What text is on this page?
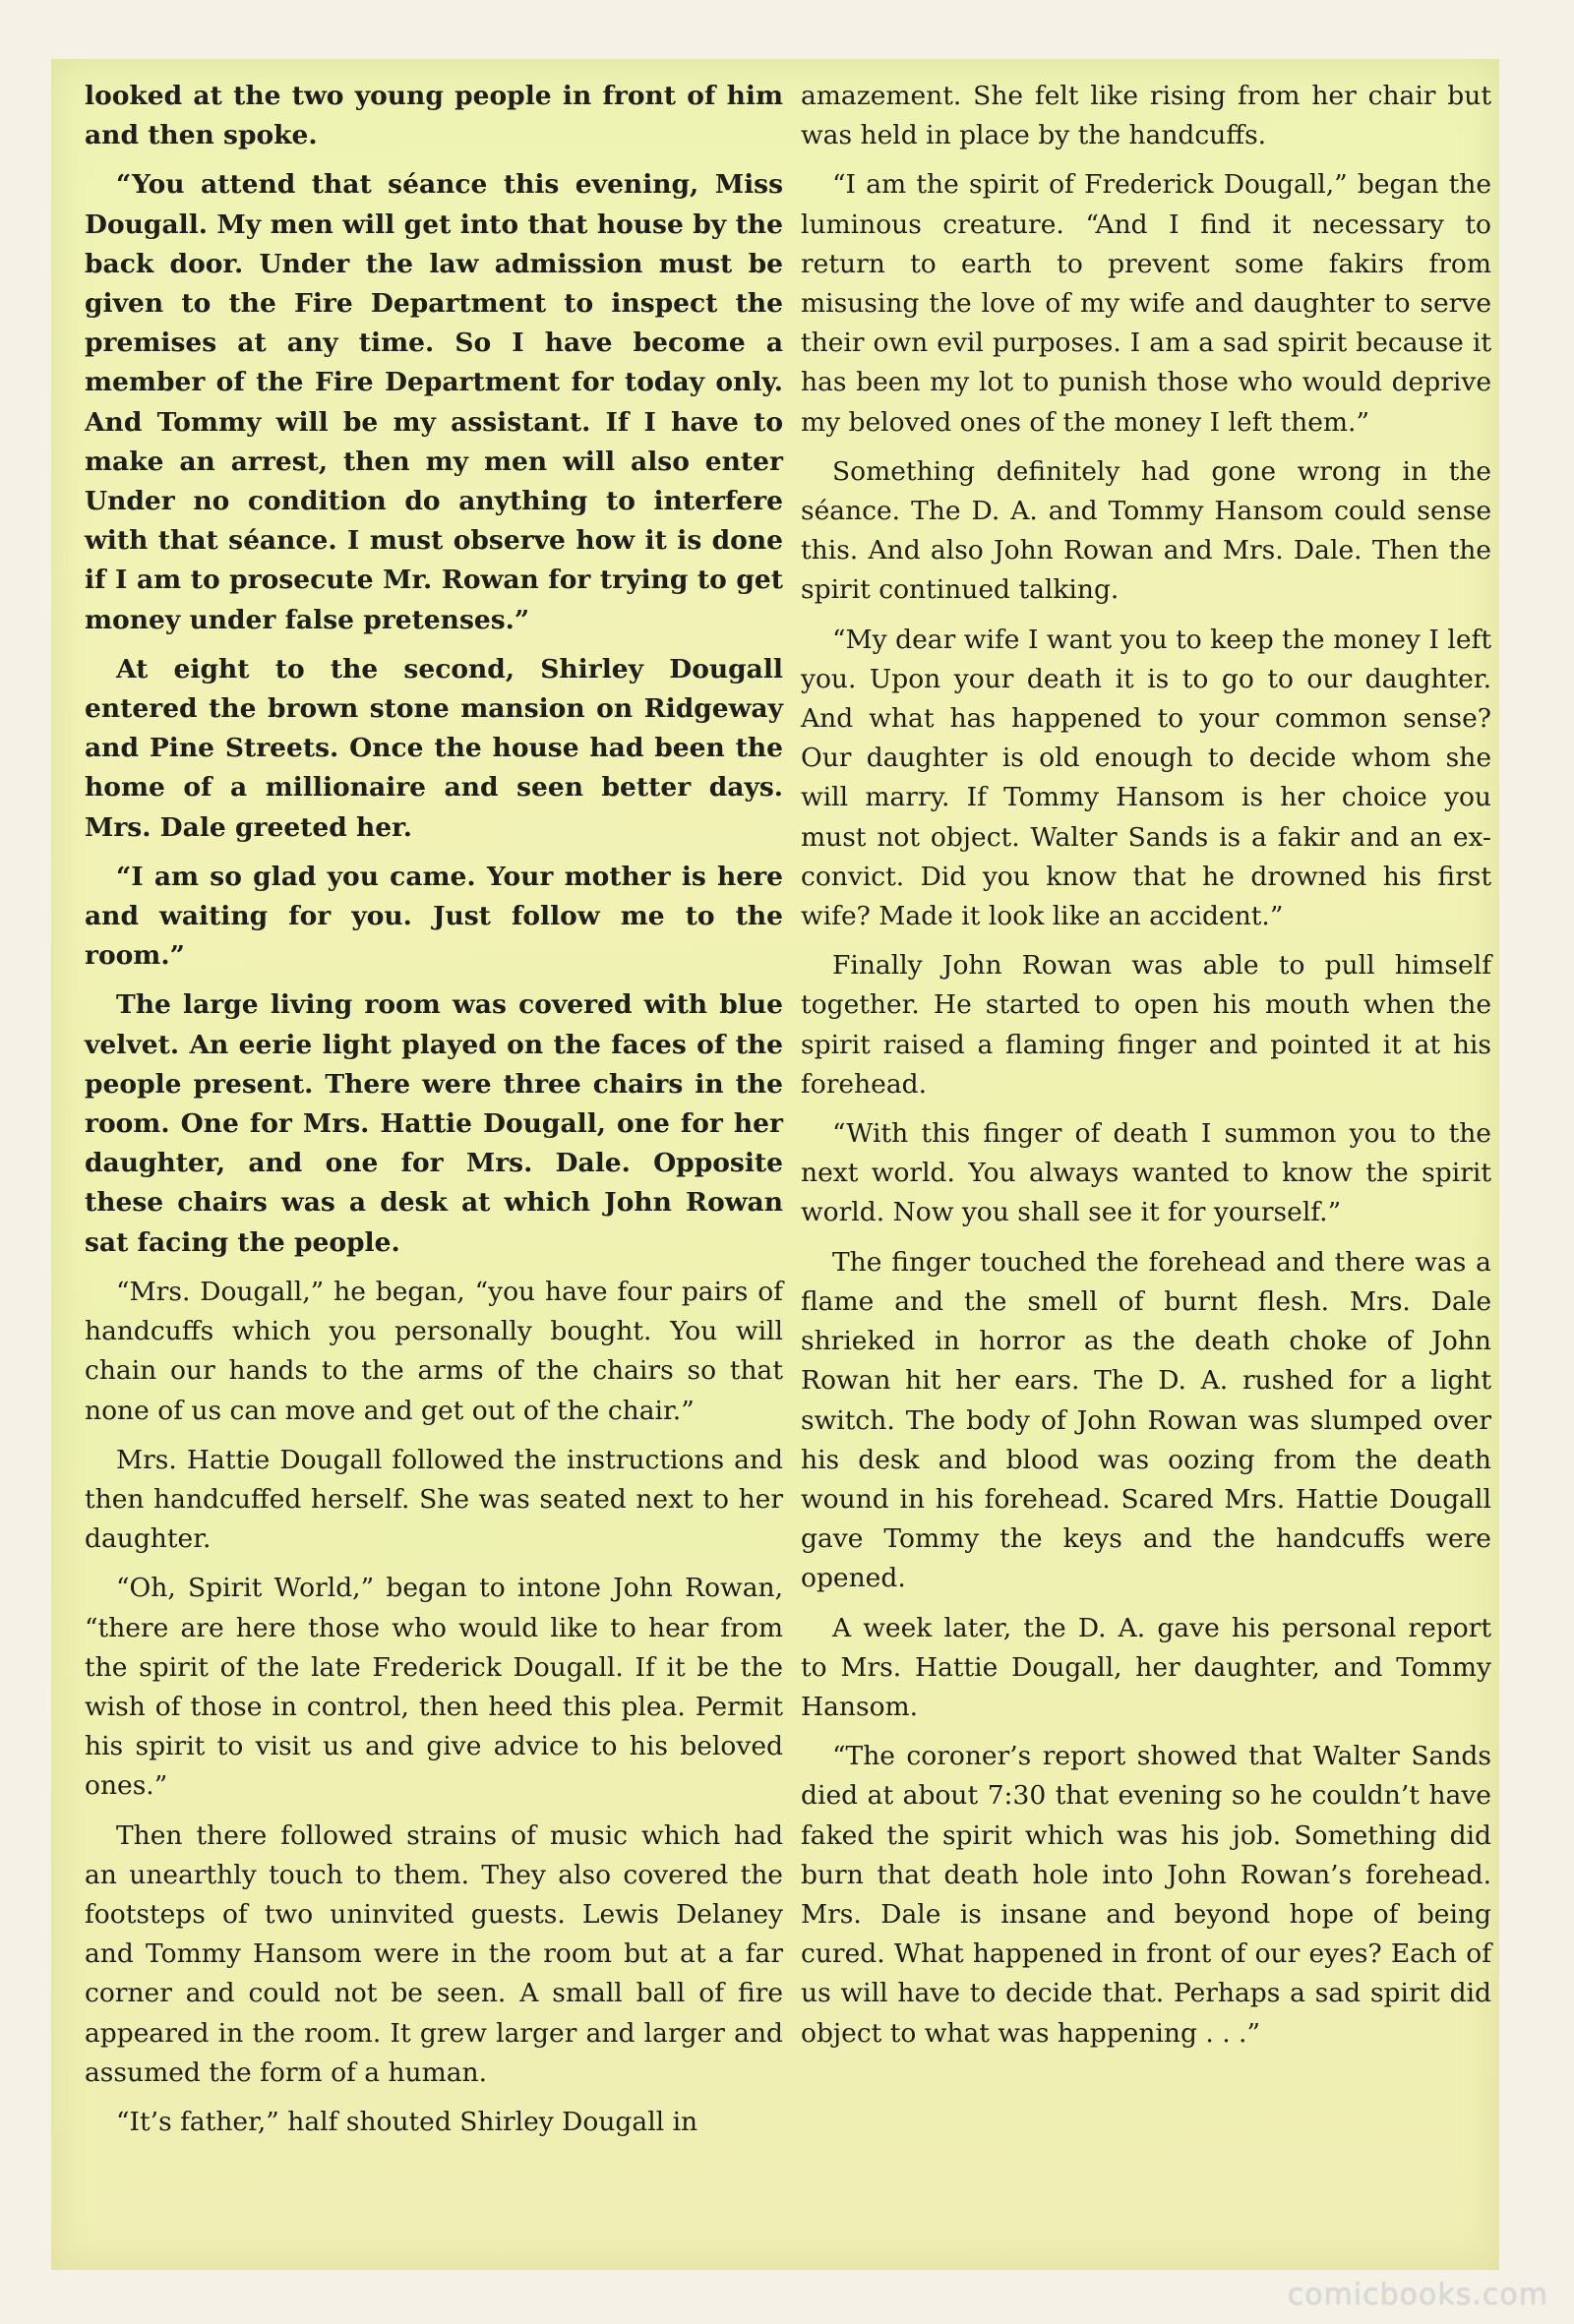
looked at the two young people in front of him and then spoke.

“You attend that séance this evening, Miss Dougall. My men will get into that house by the back door. Under the law admission must be given to the Fire Department to inspect the premises at any time. So I have become a member of the Fire Department for today only. And Tommy will be my assistant. If I have to make an arrest, then my men will also enter Under no condition do anything to interfere with that séance. I must observe how it is done if I am to prosecute Mr. Rowan for trying to get money under false pretenses.”

At eight to the second, Shirley Dougall entered the brown stone mansion on Ridgeway and Pine Streets. Once the house had been the home of a millionaire and seen better days. Mrs. Dale greeted her.

“I am so glad you came. Your mother is here and waiting for you. Just follow me to the room.”

The large living room was covered with blue velvet. An eerie light played on the faces of the people present. There were three chairs in the room. One for Mrs. Hattie Dougall, one for her daughter, and one for Mrs. Dale. Opposite these chairs was a desk at which John Rowan sat facing the people.

“Mrs. Dougall,” he began, “you have four pairs of handcuffs which you personally bought. You will chain our hands to the arms of the chairs so that none of us can move and get out of the chair.”

Mrs. Hattie Dougall followed the instructions and then handcuffed herself. She was seated next to her daughter.

“Oh, Spirit World,” began to intone John Rowan, “there are here those who would like to hear from the spirit of the late Frederick Dougall. If it be the wish of those in control, then heed this plea. Permit his spirit to visit us and give advice to his beloved ones.”

Then there followed strains of music which had an unearthly touch to them. They also covered the footsteps of two uninvited guests. Lewis Delaney and Tommy Hansom were in the room but at a far corner and could not be seen. A small ball of fire appeared in the room. It grew larger and larger and assumed the form of a human.

“It’s father,” half shouted Shirley Dougall in

amazement. She felt like rising from her chair but was held in place by the handcuffs.

“I am the spirit of Frederick Dougall,” began the luminous creature. “And I find it necessary to return to earth to prevent some fakirs from misusing the love of my wife and daughter to serve their own evil purposes. I am a sad spirit because it has been my lot to punish those who would deprive my beloved ones of the money I left them.”

Something definitely had gone wrong in the séance. The D. A. and Tommy Hansom could sense this. And also John Rowan and Mrs. Dale. Then the spirit continued talking.

“My dear wife I want you to keep the money I left you. Upon your death it is to go to our daughter. And what has happened to your common sense? Our daughter is old enough to decide whom she will marry. If Tommy Hansom is her choice you must not object. Walter Sands is a fakir and an ex-convict. Did you know that he drowned his first wife? Made it look like an accident.”

Finally John Rowan was able to pull himself together. He started to open his mouth when the spirit raised a flaming finger and pointed it at his forehead.

“With this finger of death I summon you to the next world. You always wanted to know the spirit world. Now you shall see it for yourself.”

The finger touched the forehead and there was a flame and the smell of burnt flesh. Mrs. Dale shrieked in horror as the death choke of John Rowan hit her ears. The D. A. rushed for a light switch. The body of John Rowan was slumped over his desk and blood was oozing from the death wound in his forehead. Scared Mrs. Hattie Dougall gave Tommy the keys and the handcuffs were opened.

A week later, the D. A. gave his personal report to Mrs. Hattie Dougall, her daughter, and Tommy Hansom.

“The coroner’s report showed that Walter Sands died at about 7:30 that evening so he couldn’t have faked the spirit which was his job. Something did burn that death hole into John Rowan’s forehead. Mrs. Dale is insane and beyond hope of being cured. What happened in front of our eyes? Each of us will have to decide that. Perhaps a sad spirit did object to what was happening . . .”

comicbooks.com
